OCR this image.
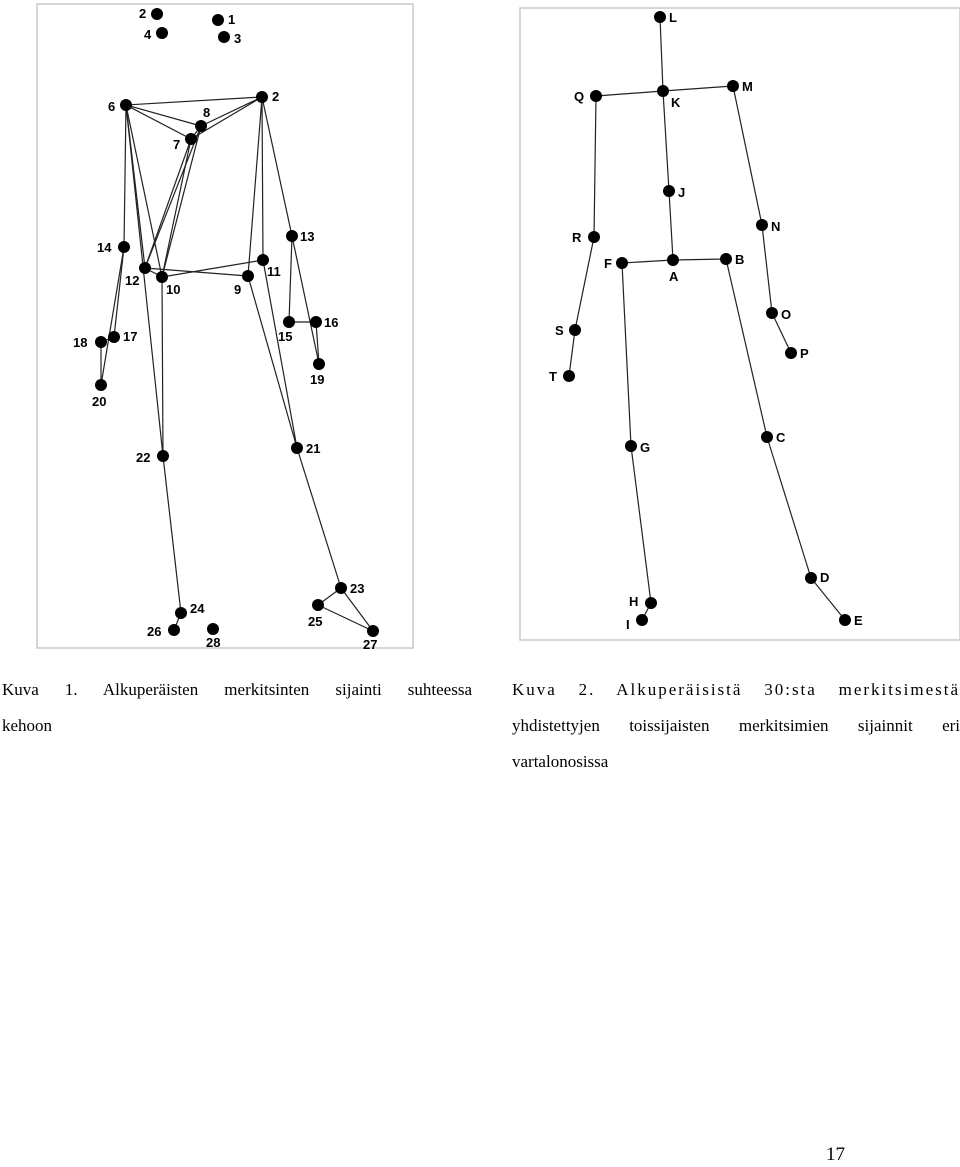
1
2
3
4
2
6
7
8
9
10
11
12
13
14
15
16
17
18
19
20
21
22
23
24
25
26
27
28
L
Q	K
M
J
N
R
F
A
B
O
P
S
T
G
C
D
E
H
I
Kuva 1. Alkuperäisten merkitsinten sijainti suhteessa
kehoon
Kuva 2. Alkuperäisistä 30:sta merkitsimestä
yhdistettyjen toissijaisten merkitsimien sijainnit eri
vartalonosissa
17
